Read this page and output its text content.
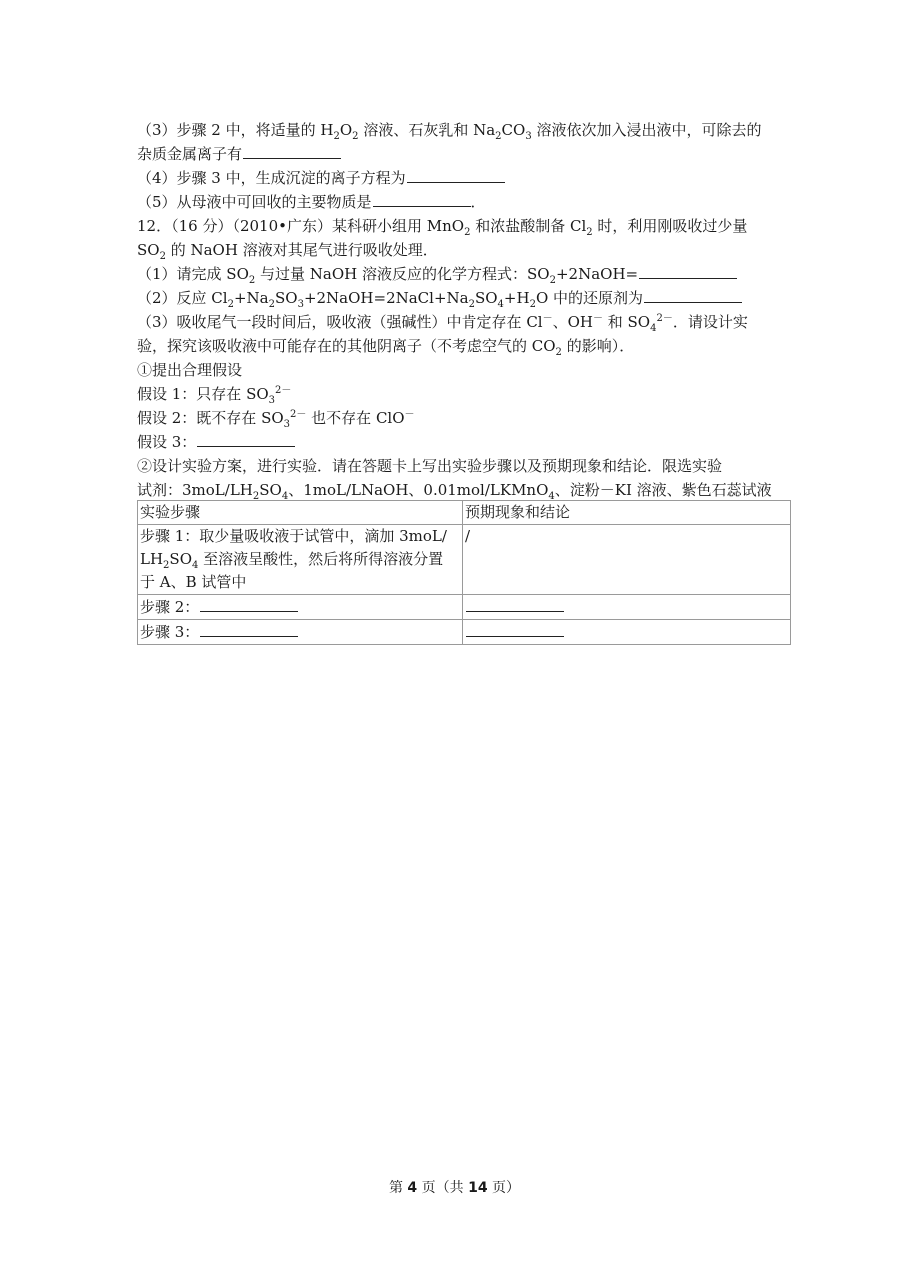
（3）步骤 2 中，将适量的 $H_2O_2$ 溶液、石灰乳和 $Na_2CO_3$ 溶液依次加入浸出液中，可除去的
杂质金属离子有
（4）步骤 3 中，生成沉淀的离子方程为
（5）从母液中可回收的主要物质是	．
12．（16 分）（2010•广东）某科研小组用 MnO$_2$ 和浓盐酸制备 $Cl_2$ 时，利用刚吸收过少量
$SO_2$ 的 NaOH 溶液对其尾气进行吸收处理．
（1）请完成 $SO_2$ 与过量 NaOH 溶液反应的化学方程式：$SO_2+2NaOH=$
（2）反应 $Cl_2+Na_2SO_3+2NaOH=2NaCl+Na_2SO_4+H_2O$ 中的还原剂为
（3）吸收尾气一段时间后，吸收液（强碱性）中肯定存在 Cl－、OH－ 和 $SO_4^{2-}$．请设计实
验，探究该吸收液中可能存在的其他阴离子（不考虑空气的 $CO_2$ 的影响）．
①提出合理假设
假设 1：只存在 $SO_3^{2-}$
假设 2：既不存在 $SO_3^{2-}$ 也不存在 ClO－
假设 3：
②设计实验方案，进行实验．请在答题卡上写出实验步骤以及预期现象和结论．限选实验
试剂：$3moL/LH_2SO_4$、1moL/LNaOH、0.01mol/LKMnO$_4$、淀粉－KI 溶液、紫色石蕊试液
实验步骤	预期现象和结论

步骤 1：取少量吸收液于试管中，滴加 3moL/
$LH_2SO_4$ 至溶液呈酸性，然后将所得溶液分置
于 A、B 试管中	/

步骤 2：	

步骤 3：	

第 4 页（共 14 页）
